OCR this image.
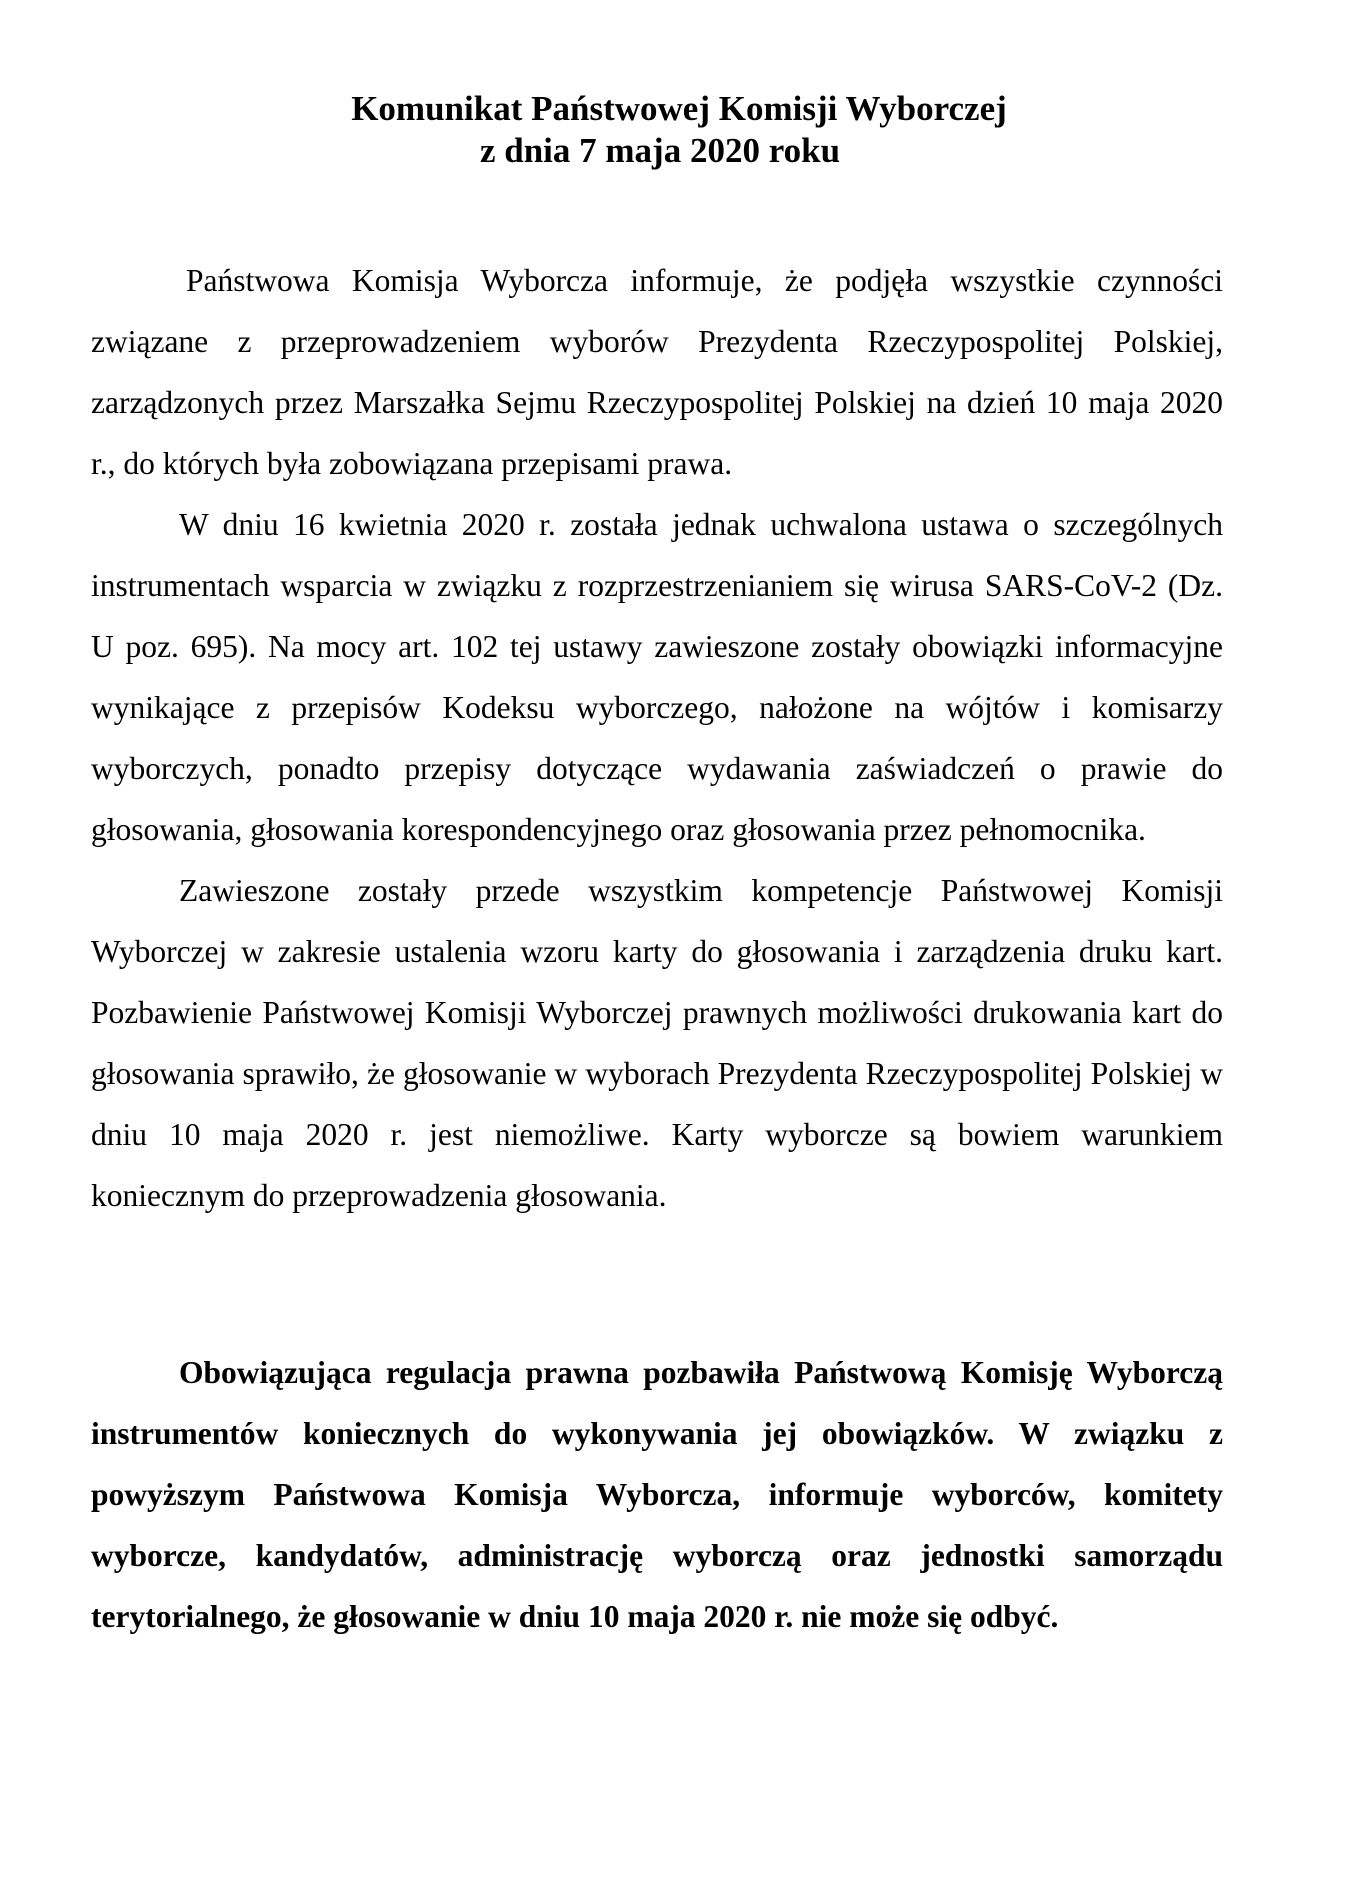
Komunikat Państwowej Komisji Wyborczej
z dnia 7 maja 2020 roku

Państwowa Komisja Wyborcza informuje, że podjęła wszystkie czynności związane z przeprowadzeniem wyborów Prezydenta Rzeczypospolitej Polskiej, zarządzonych przez Marszałka Sejmu Rzeczypospolitej Polskiej na dzień 10 maja 2020 r., do których była zobowiązana przepisami prawa.

W dniu 16 kwietnia 2020 r. została jednak uchwalona ustawa o szczególnych instrumentach wsparcia w związku z rozprzestrzenianiem się wirusa SARS-CoV-2 (Dz. U poz. 695). Na mocy art. 102 tej ustawy zawieszone zostały obowiązki informacyjne wynikające z przepisów Kodeksu wyborczego, nałożone na wójtów i komisarzy wyborczych, ponadto przepisy dotyczące wydawania zaświadczeń o prawie do głosowania, głosowania korespondencyjnego oraz głosowania przez pełnomocnika.

Zawieszone zostały przede wszystkim kompetencje Państwowej Komisji Wyborczej w zakresie ustalenia wzoru karty do głosowania i zarządzenia druku kart. Pozbawienie Państwowej Komisji Wyborczej prawnych możliwości drukowania kart do głosowania sprawiło, że głosowanie w wyborach Prezydenta Rzeczypospolitej Polskiej w dniu 10 maja 2020 r. jest niemożliwe. Karty wyborcze są bowiem warunkiem koniecznym do przeprowadzenia głosowania.

Obowiązująca regulacja prawna pozbawiła Państwową Komisję Wyborczą instrumentów koniecznych do wykonywania jej obowiązków. W związku z powyższym Państwowa Komisja Wyborcza, informuje wyborców, komitety wyborcze, kandydatów, administrację wyborczą oraz jednostki samorządu terytorialnego, że głosowanie w dniu 10 maja 2020 r. nie może się odbyć.
